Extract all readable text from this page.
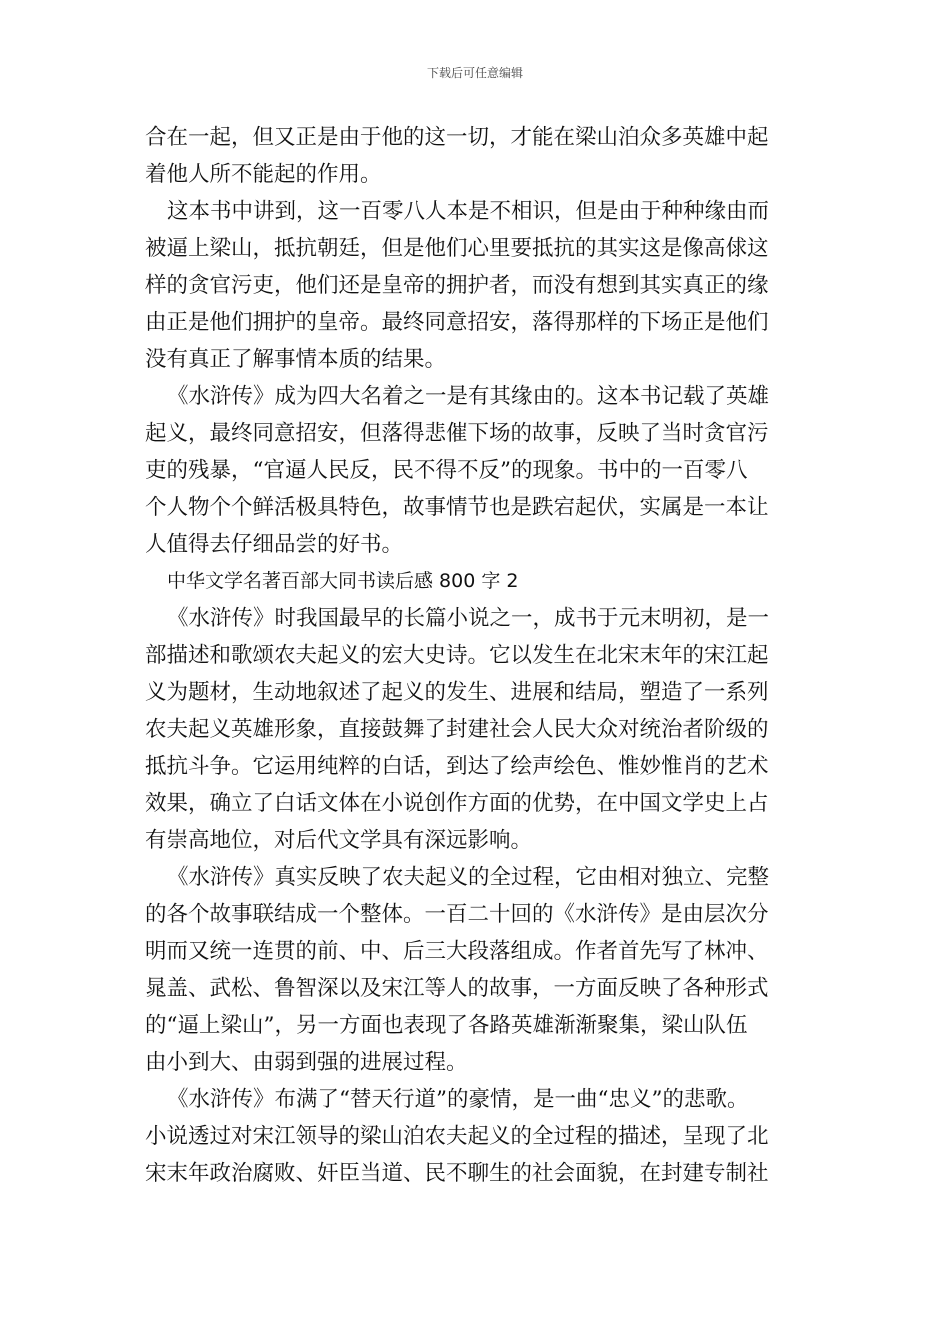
下载后可任意编辑
合在一起，但又正是由于他的这一切，才能在梁山泊众多英雄中起
着他人所不能起的作用。
这本书中讲到，这一百零八人本是不相识，但是由于种种缘由而
被逼上梁山，抵抗朝廷，但是他们心里要抵抗的其实这是像高俅这
样的贪官污吏，他们还是皇帝的拥护者，而没有想到其实真正的缘
由正是他们拥护的皇帝。最终同意招安，落得那样的下场正是他们
没有真正了解事情本质的结果。
《水浒传》成为四大名着之一是有其缘由的。这本书记载了英雄
起义，最终同意招安，但落得悲催下场的故事，反映了当时贪官污
吏的残暴，“官逼人民反，民不得不反”的现象。书中的一百零八
个人物个个鲜活极具特色，故事情节也是跌宕起伏，实属是一本让
人值得去仔细品尝的好书。
中华文学名著百部大同书读后感 800 字 2
《水浒传》时我国最早的长篇小说之一，成书于元末明初，是一
部描述和歌颂农夫起义的宏大史诗。它以发生在北宋末年的宋江起
义为题材，生动地叙述了起义的发生、进展和结局，塑造了一系列
农夫起义英雄形象，直接鼓舞了封建社会人民大众对统治者阶级的
抵抗斗争。它运用纯粹的白话，到达了绘声绘色、惟妙惟肖的艺术
效果，确立了白话文体在小说创作方面的优势，在中国文学史上占
有崇高地位，对后代文学具有深远影响。
《水浒传》真实反映了农夫起义的全过程，它由相对独立、完整
的各个故事联结成一个整体。一百二十回的《水浒传》是由层次分
明而又统一连贯的前、中、后三大段落组成。作者首先写了林冲、
晁盖、武松、鲁智深以及宋江等人的故事，一方面反映了各种形式
的“逼上梁山”，另一方面也表现了各路英雄渐渐聚集，梁山队伍
由小到大、由弱到强的进展过程。
《水浒传》布满了“替天行道”的豪情，是一曲“忠义”的悲歌。
小说透过对宋江领导的梁山泊农夫起义的全过程的描述，呈现了北
宋末年政治腐败、奸臣当道、民不聊生的社会面貌，在封建专制社
